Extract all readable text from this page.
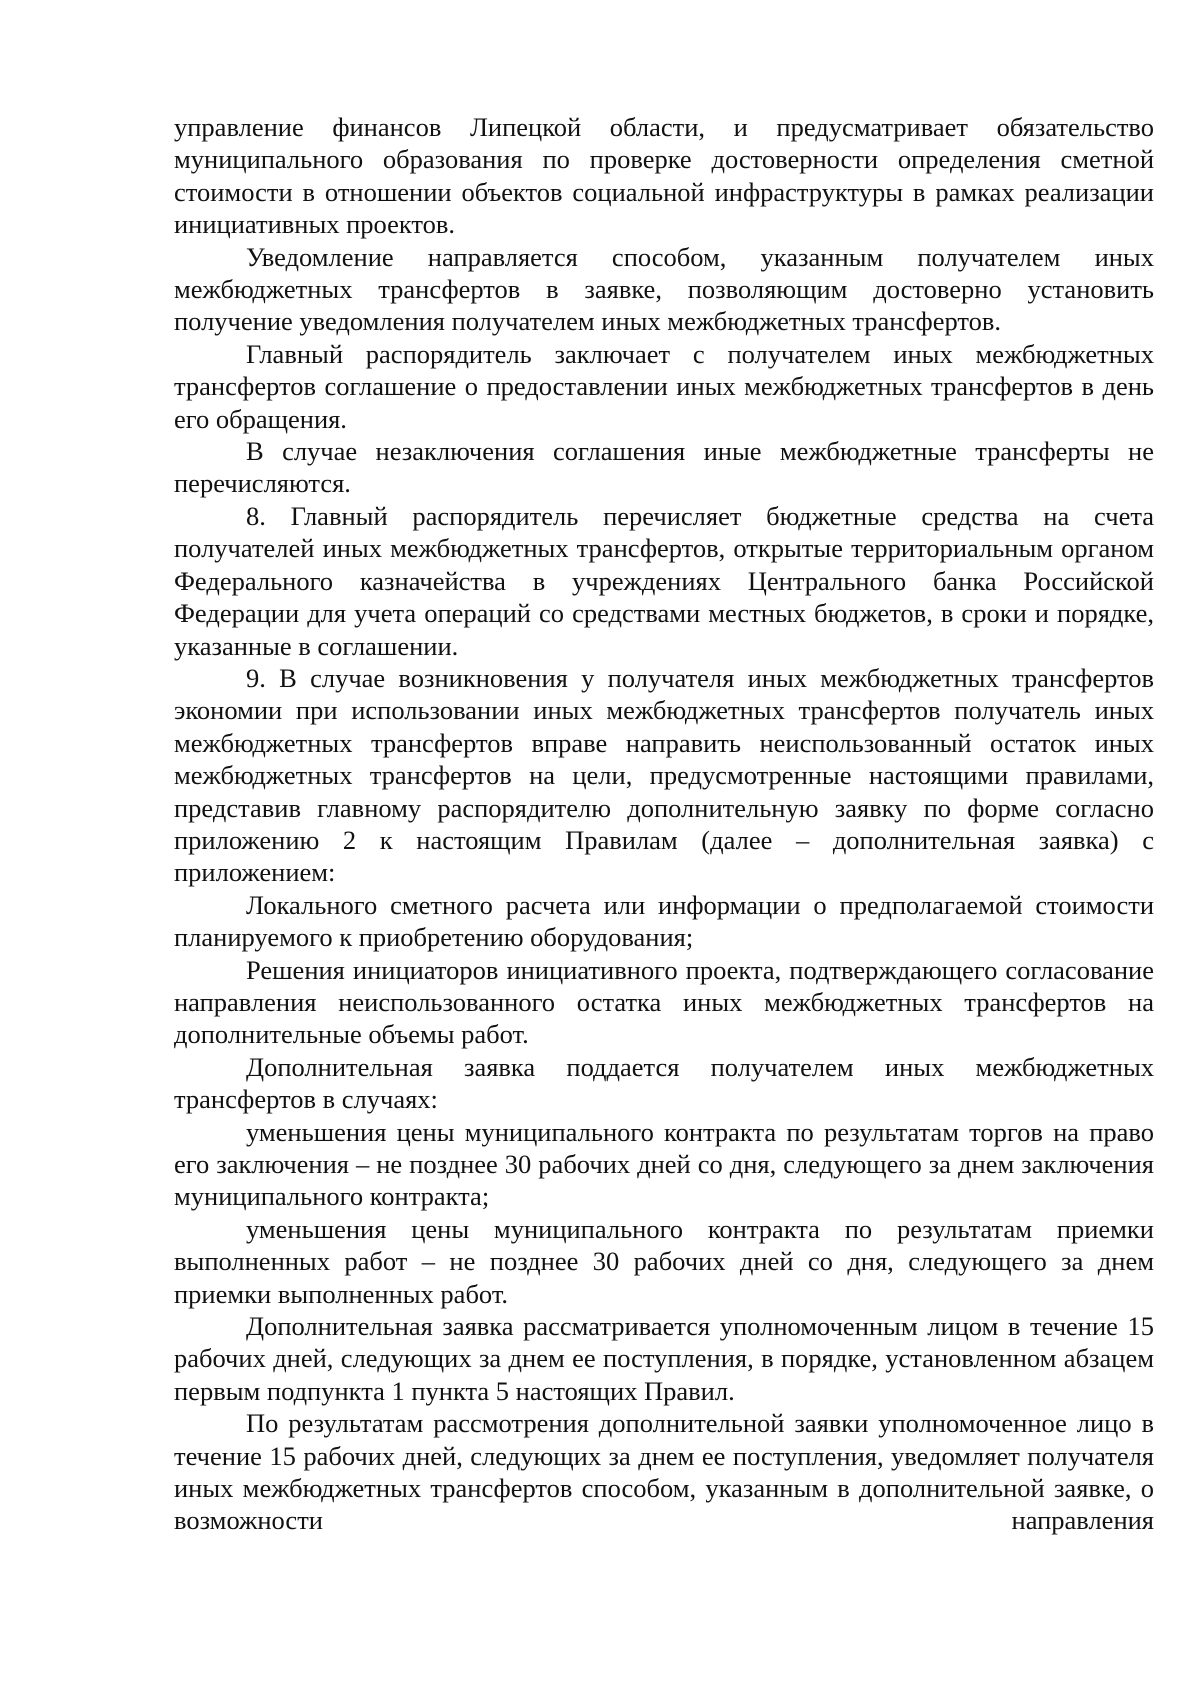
управление финансов Липецкой области, и предусматривает обязательство муниципального образования по проверке достоверности определения сметной стоимости в отношении объектов социальной инфраструктуры в рамках реализации инициативных проектов.

Уведомление направляется способом, указанным получателем иных межбюджетных трансфертов в заявке, позволяющим достоверно установить получение уведомления получателем иных межбюджетных трансфертов.

Главный распорядитель заключает с получателем иных межбюджетных трансфертов соглашение о предоставлении иных межбюджетных трансфертов в день его обращения.

В случае незаключения соглашения иные межбюджетные трансферты не перечисляются.

8. Главный распорядитель перечисляет бюджетные средства на счета получателей иных межбюджетных трансфертов, открытые территориальным органом Федерального казначейства в учреждениях Центрального банка Российской Федерации для учета операций со средствами местных бюджетов, в сроки и порядке, указанные в соглашении.

9. В случае возникновения у получателя иных межбюджетных трансфертов экономии при использовании иных межбюджетных трансфертов получатель иных межбюджетных трансфертов вправе направить неиспользованный остаток иных межбюджетных трансфертов на цели, предусмотренные настоящими правилами, представив главному распорядителю дополнительную заявку по форме согласно приложению 2 к настоящим Правилам (далее – дополнительная заявка) с приложением:

Локального сметного расчета или информации о предполагаемой стоимости планируемого к приобретению оборудования;

Решения инициаторов инициативного проекта, подтверждающего согласование направления неиспользованного остатка иных межбюджетных трансфертов на дополнительные объемы работ.

Дополнительная заявка поддается получателем иных межбюджетных трансфертов в случаях:

уменьшения цены муниципального контракта по результатам торгов на право его заключения – не позднее 30 рабочих дней со дня, следующего за днем заключения муниципального контракта;

уменьшения цены муниципального контракта по результатам приемки выполненных работ – не позднее 30 рабочих дней со дня, следующего за днем приемки выполненных работ.

Дополнительная заявка рассматривается уполномоченным лицом в течение 15 рабочих дней, следующих за днем ее поступления, в порядке, установленном абзацем первым подпункта 1 пункта 5 настоящих Правил.

По результатам рассмотрения дополнительной заявки уполномоченное лицо в течение 15 рабочих дней, следующих за днем ее поступления, уведомляет получателя иных межбюджетных трансфертов способом, указанным в дополнительной заявке, о возможности направления
